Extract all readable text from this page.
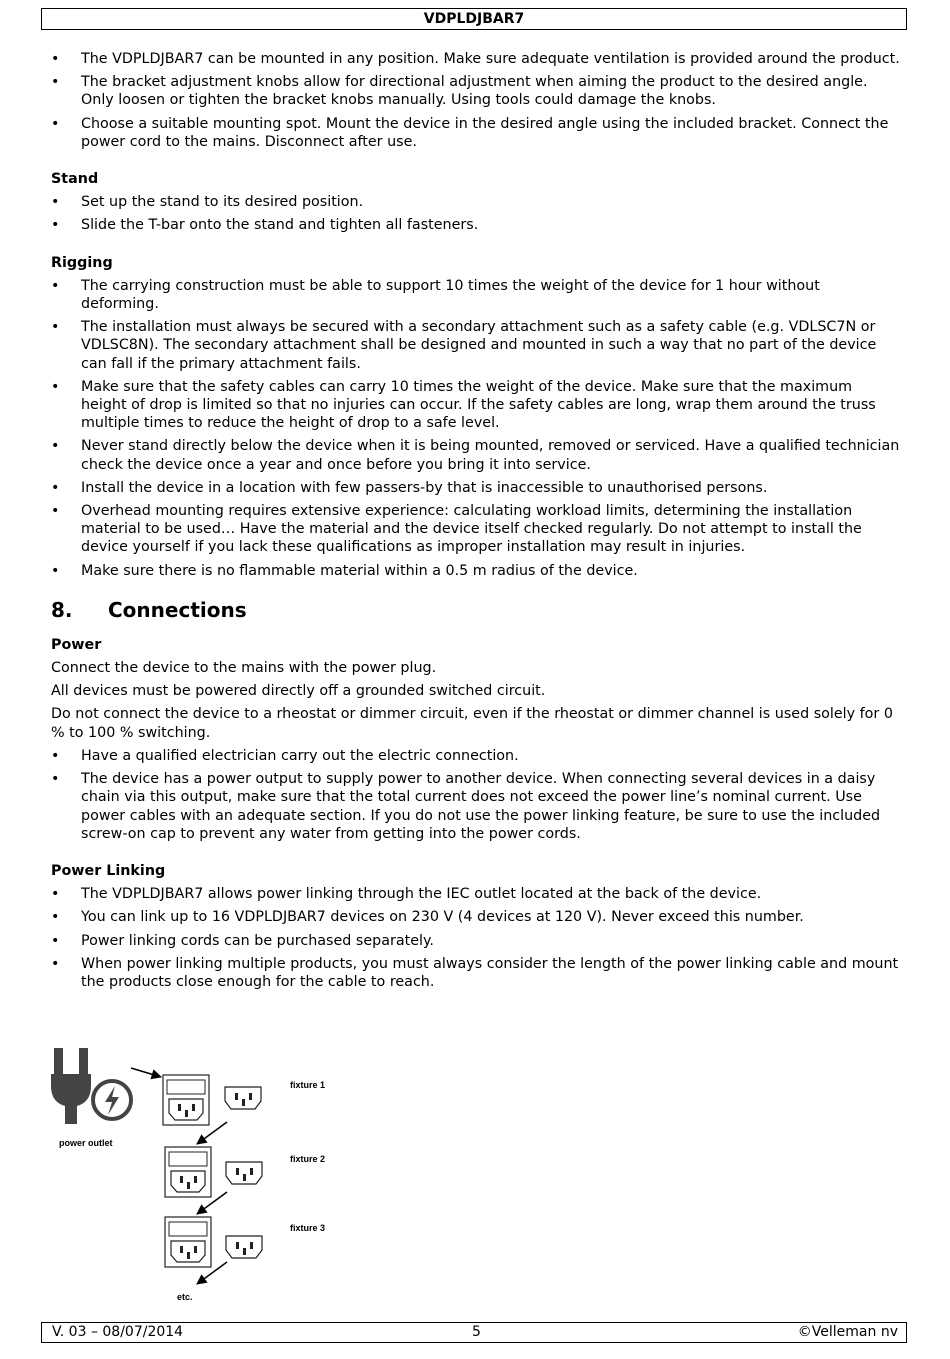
VDPLDJBAR7
• The VDPLDJBAR7 can be mounted in any position. Make sure adequate ventilation is provided around the product.
• The bracket adjustment knobs allow for directional adjustment when aiming the product to the desired angle. Only loosen or tighten the bracket knobs manually. Using tools could damage the knobs.
• Choose a suitable mounting spot. Mount the device in the desired angle using the included bracket. Connect the power cord to the mains. Disconnect after use.
Stand
• Set up the stand to its desired position.
• Slide the T-bar onto the stand and tighten all fasteners.
Rigging
• The carrying construction must be able to support 10 times the weight of the device for 1 hour without deforming.
• The installation must always be secured with a secondary attachment such as a safety cable (e.g. VDLSC7N or VDLSC8N). The secondary attachment shall be designed and mounted in such a way that no part of the device can fall if the primary attachment fails.
• Make sure that the safety cables can carry 10 times the weight of the device. Make sure that the maximum height of drop is limited so that no injuries can occur. If the safety cables are long, wrap them around the truss multiple times to reduce the height of drop to a safe level.
• Never stand directly below the device when it is being mounted, removed or serviced. Have a qualified technician check the device once a year and once before you bring it into service.
• Install the device in a location with few passers-by that is inaccessible to unauthorised persons.
• Overhead mounting requires extensive experience: calculating workload limits, determining the installation material to be used… Have the material and the device itself checked regularly. Do not attempt to install the device yourself if you lack these qualifications as improper installation may result in injuries.
• Make sure there is no flammable material within a 0.5 m radius of the device.
8. Connections
Power

Connect the device to the mains with the power plug.

All devices must be powered directly off a grounded switched circuit.

Do not connect the device to a rheostat or dimmer circuit, even if the rheostat or dimmer channel is used solely for 0 % to 100 % switching.

• Have a qualified electrician carry out the electric connection.
• The device has a power output to supply power to another device. When connecting several devices in a daisy chain via this output, make sure that the total current does not exceed the power line’s nominal current. Use power cables with an adequate section. If you do not use the power linking feature, be sure to use the included screw-on cap to prevent any water from getting into the power cords.
Power Linking
• The VDPLDJBAR7 allows power linking through the IEC outlet located at the back of the device.
• You can link up to 16 VDPLDJBAR7 devices on 230 V (4 devices at 120 V). Never exceed this number.
• Power linking cords can be purchased separately.
• When power linking multiple products, you must always consider the length of the power linking cable and mount the products close enough for the cable to reach.
power outlet
fixture 1
fixture 2
fixture 3
etc.
V. 03 – 08/07/2014	5	©Velleman nv
